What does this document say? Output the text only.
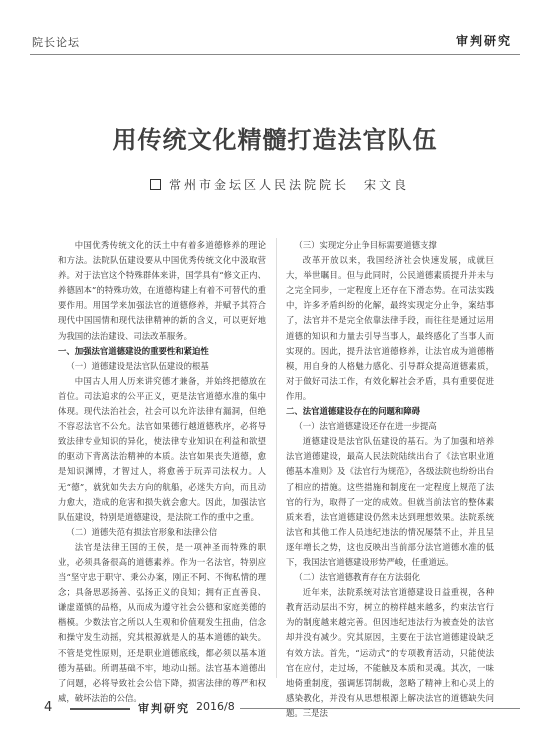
院长论坛	审判研究
用传统文化精髓打造法官队伍
常州市金坛区人民法院院长　宋文良

中国优秀传统文化的沃土中有着多道德修养的理论和方法。法院队伍建设要从中国优秀传统文化中汲取营养。对于法官这个特殊群体来讲，国学具有“修文正内、养德固本”的特殊功效，在道德构建上有着不可替代的重要作用。用国学来加强法官的道德修养，并赋予其符合现代中国国情和现代法律精神的新的含义，可以更好地为我国的法治建设、司法改革服务。

一、加强法官道德建设的重要性和紧迫性

（一）道德建设是法官队伍建设的根基

中国古人用人历来讲究德才兼备，并始终把德放在首位。司法追求的公平正义，更是法官道德水准的集中体现。现代法治社会，社会可以允许法律有漏洞，但绝不容忍法官不公允。法官如果德行越道德秩序，必将导致法律专业知识的异化，使法律专业知识在利益和欲望的驱动下背离法治精神的本质。法官如果丧失道德，愈是知识渊博，才智过人，将愈善于玩弄司法权力。人无“德”，就犹如失去方向的航船，必迷失方向，而且动力愈大，造成的危害和损失就会愈大。因此，加强法官队伍建设，特别是道德建设，是法院工作的重中之重。

（二）道德失范有损法官形象和法律公信

法官是法律王国的王侯，是一项神圣而特殊的职业，必须具备很高的道德素养。作为一名法官，特别应当“坚守忠于职守、秉公办案，刚正不阿、不徇私情的理念；具备思恶扬善、弘扬正义的良知；拥有正直善良、谦虚谨慎的品格，从而成为遵守社会公德和家庭美德的楷模。少数法官之所以人生观和价值观发生扭曲，信念和操守发生动摇，究其根源就是人的基本道德的缺失。不管是党性原则，还是职业道德底线，都必须以基本道德为基础。所谓基础不牢，地动山摇。法官基本道德出了问题，必将导致社会公信下降，损害法律的尊严和权威，破坏法治的公信。

（三）实现定分止争目标需要道德支撑

改革开放以来，我国经济社会快速发展，成就巨大，举世瞩目。但与此同时，公民道德素质提升并未与之完全同步，一定程度上还存在下滑态势。在司法实践中，许多矛盾纠纷的化解，最终实现定分止争，案结事了，法官并不是完全依靠法律手段，而往往是通过运用道德的知识和力量去引导当事人，最终感化了当事人而实现的。因此，提升法官道德修养，让法官成为道德楷模，用自身的人格魅力感化、引导群众提高道德素质，对于做好司法工作，有效化解社会矛盾，具有重要促进作用。

二、法官道德建设存在的问题和障碍

（一）法官道德建设还存在进一步提高

道德建设是法官队伍建设的基石。为了加强和培养法官道德建设，最高人民法院陆续出台了《法官职业道德基本准则》及《法官行为规范》，各级法院也纷纷出台了相应的措施。这些措施和制度在一定程度上规范了法官的行为，取得了一定的成效。但就当前法官的整体素质来看，法官道德建设仍然未达到理想效果。法院系统法官和其他工作人员违纪违法的情况屡禁不止，并且呈逐年增长之势，这也反映出当前部分法官道德水准的低下，我国法官道德建设形势严峻，任重道远。

（二）法官道德教育存在方法弱化

近年来，法院系统对法官道德建设日益重视，各种教育活动层出不穷，树立的榜样越来越多，约束法官行为的制度越来越完善。但因违纪违法行为被查处的法官却并没有减少。究其原因，主要在于法官道德建设缺乏有效方法。首先，“运动式”的专项教育活动，只能使法官在应付，走过场，不能触及本质和灵魂。其次，一味地倚重制度，强调惩罚制裁，忽略了精神上和心灵上的感染教化，并没有从思想根源上解决法官的道德缺失问题。三是法

4	审判研究 2016/8
